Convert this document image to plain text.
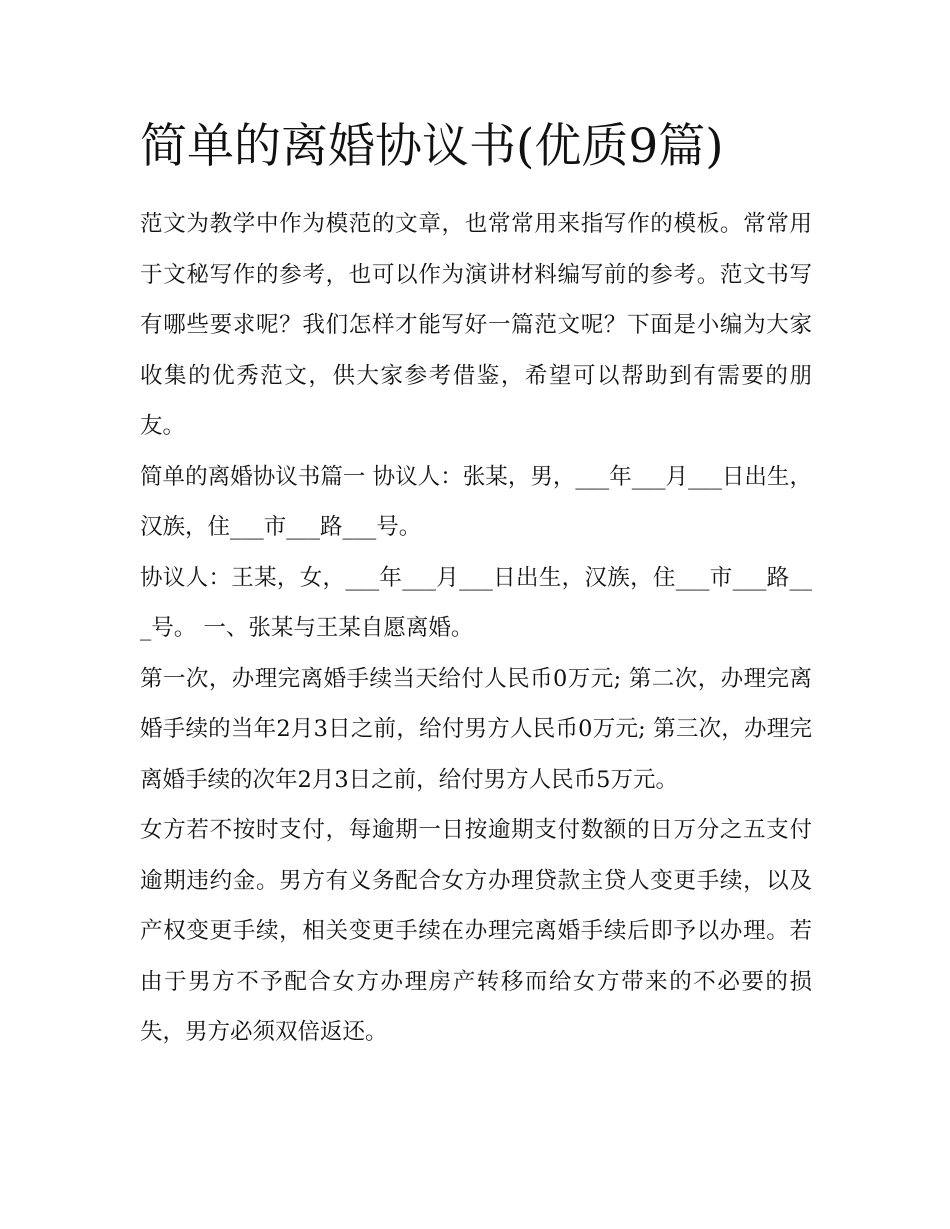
简单的离婚协议书(优质9篇)

范文为教学中作为模范的文章，也常常用来指写作的模板。常常用于文秘写作的参考，也可以作为演讲材料编写前的参考。范文书写有哪些要求呢？我们怎样才能写好一篇范文呢？下面是小编为大家收集的优秀范文，供大家参考借鉴，希望可以帮助到有需要的朋友。

简单的离婚协议书篇一 协议人：张某，男，___年___月___日出生，汉族，住___市___路___号。

协议人：王某，女，___年___月___日出生，汉族，住___市___路___号。 一、张某与王某自愿离婚。

第一次，办理完离婚手续当天给付人民币0万元; 第二次，办理完离婚手续的当年2月3日之前，给付男方人民币0万元; 第三次，办理完离婚手续的次年2月3日之前，给付男方人民币5万元。

女方若不按时支付，每逾期一日按逾期支付数额的日万分之五支付逾期违约金。男方有义务配合女方办理贷款主贷人变更手续，以及产权变更手续，相关变更手续在办理完离婚手续后即予以办理。若由于男方不予配合女方办理房产转移而给女方带来的不必要的损失，男方必须双倍返还。
